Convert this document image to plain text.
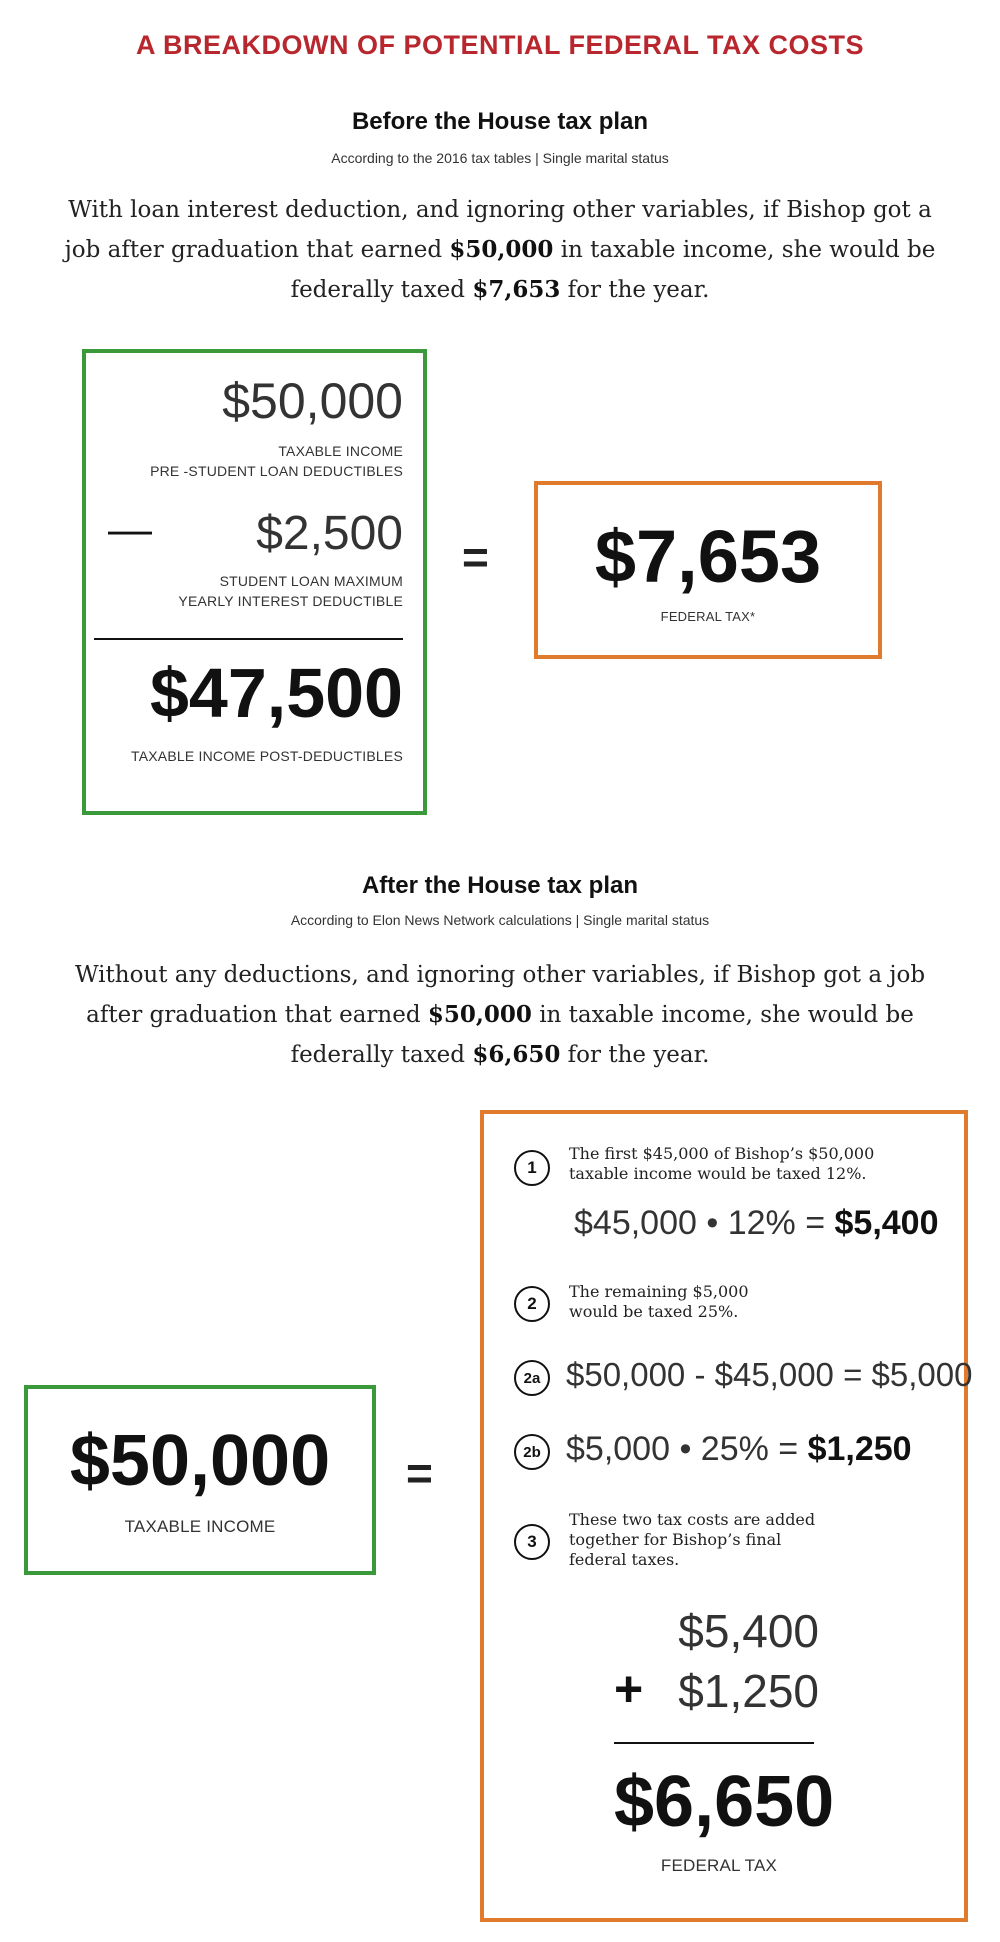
A BREAKDOWN OF POTENTIAL FEDERAL TAX COSTS
Before the House tax plan
According to the 2016 tax tables | Single marital status
With loan interest deduction, and ignoring other variables, if Bishop got a job after graduation that earned $50,000 in taxable income, she would be federally taxed $7,653 for the year.
$50,000
TAXABLE INCOME
PRE -STUDENT LOAN DEDUCTIBLES
— $2,500
STUDENT LOAN MAXIMUM
YEARLY INTEREST DEDUCTIBLE
$47,500
TAXABLE INCOME POST-DEDUCTIBLES
=	$7,653
FEDERAL TAX*
After the House tax plan
According to Elon News Network calculations | Single marital status
Without any deductions, and ignoring other variables, if Bishop got a job after graduation that earned $50,000 in taxable income, she would be federally taxed $6,650 for the year.
$50,000
TAXABLE INCOME
=
1
The first $45,000 of Bishop’s $50,000
taxable income would be taxed 12%.
$45,000 • 12% = $5,400
2
The remaining $5,000
would be taxed 25%.
2a $50,000 - $45,000 = $5,000
2b $5,000 • 25% = $1,250
3
These two tax costs are added
together for Bishop’s final
federal taxes.
$5,400
+ $1,250
$6,650
FEDERAL TAX
